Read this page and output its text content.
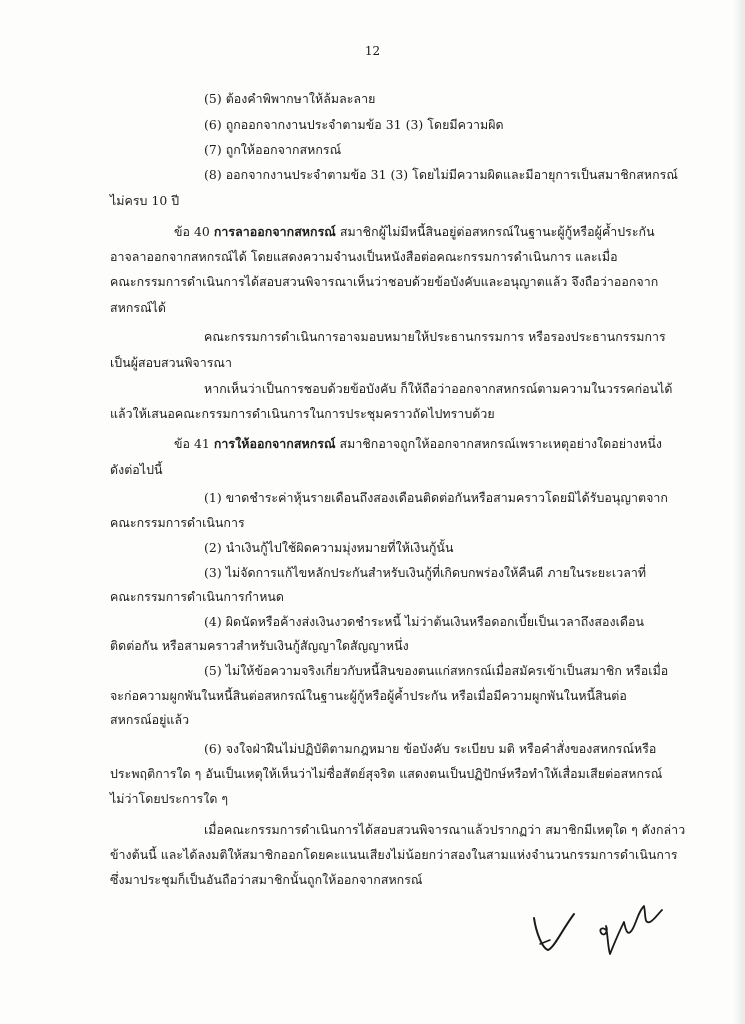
12
(5) ต้องคำพิพากษาให้ล้มละลาย
(6) ถูกออกจากงานประจำตามข้อ 31 (3) โดยมีความผิด
(7) ถูกให้ออกจากสหกรณ์
(8) ออกจากงานประจำตามข้อ 31 (3) โดยไม่มีความผิดและมีอายุการเป็นสมาชิกสหกรณ์
ไม่ครบ 10 ปี
ข้อ 40 การลาออกจากสหกรณ์ สมาชิกผู้ไม่มีหนี้สินอยู่ต่อสหกรณ์ในฐานะผู้กู้หรือผู้ค้ำประกัน
อาจลาออกจากสหกรณ์ได้ โดยแสดงความจำนงเป็นหนังสือต่อคณะกรรมการดำเนินการ และเมื่อ
คณะกรรมการดำเนินการได้สอบสวนพิจารณาเห็นว่าชอบด้วยข้อบังคับและอนุญาตแล้ว จึงถือว่าออกจาก
สหกรณ์ได้
คณะกรรมการดำเนินการอาจมอบหมายให้ประธานกรรมการ หรือรองประธานกรรมการ
เป็นผู้สอบสวนพิจารณา
หากเห็นว่าเป็นการชอบด้วยข้อบังคับ ก็ให้ถือว่าออกจากสหกรณ์ตามความในวรรคก่อนได้
แล้วให้เสนอคณะกรรมการดำเนินการในการประชุมคราวถัดไปทราบด้วย
ข้อ 41 การให้ออกจากสหกรณ์ สมาชิกอาจถูกให้ออกจากสหกรณ์เพราะเหตุอย่างใดอย่างหนึ่ง
ดังต่อไปนี้
(1) ขาดชำระค่าหุ้นรายเดือนถึงสองเดือนติดต่อกันหรือสามคราวโดยมิได้รับอนุญาตจาก
คณะกรรมการดำเนินการ
(2) นำเงินกู้ไปใช้ผิดความมุ่งหมายที่ให้เงินกู้นั้น
(3) ไม่จัดการแก้ไขหลักประกันสำหรับเงินกู้ที่เกิดบกพร่องให้คืนดี ภายในระยะเวลาที่
คณะกรรมการดำเนินการกำหนด
(4) ผิดนัดหรือค้างส่งเงินงวดชำระหนี้ ไม่ว่าต้นเงินหรือดอกเบี้ยเป็นเวลาถึงสองเดือน
ติดต่อกัน หรือสามคราวสำหรับเงินกู้สัญญาใดสัญญาหนึ่ง
(5) ไม่ให้ข้อความจริงเกี่ยวกับหนี้สินของตนแก่สหกรณ์เมื่อสมัครเข้าเป็นสมาชิก หรือเมื่อ
จะก่อความผูกพันในหนี้สินต่อสหกรณ์ในฐานะผู้กู้หรือผู้ค้ำประกัน หรือเมื่อมีความผูกพันในหนี้สินต่อ
สหกรณ์อยู่แล้ว
(6) จงใจฝ่าฝืนไม่ปฏิบัติตามกฎหมาย ข้อบังคับ ระเบียบ มติ หรือคำสั่งของสหกรณ์หรือ
ประพฤติการใด ๆ อันเป็นเหตุให้เห็นว่าไม่ซื่อสัตย์สุจริต แสดงตนเป็นปฏิปักษ์หรือทำให้เสื่อมเสียต่อสหกรณ์
ไม่ว่าโดยประการใด ๆ
เมื่อคณะกรรมการดำเนินการได้สอบสวนพิจารณาแล้วปรากฏว่า สมาชิกมีเหตุใด ๆ ดังกล่าว
ข้างต้นนี้ และได้ลงมติให้สมาชิกออกโดยคะแนนเสียงไม่น้อยกว่าสองในสามแห่งจำนวนกรรมการดำเนินการ
ซึ่งมาประชุมก็เป็นอันถือว่าสมาชิกนั้นถูกให้ออกจากสหกรณ์
